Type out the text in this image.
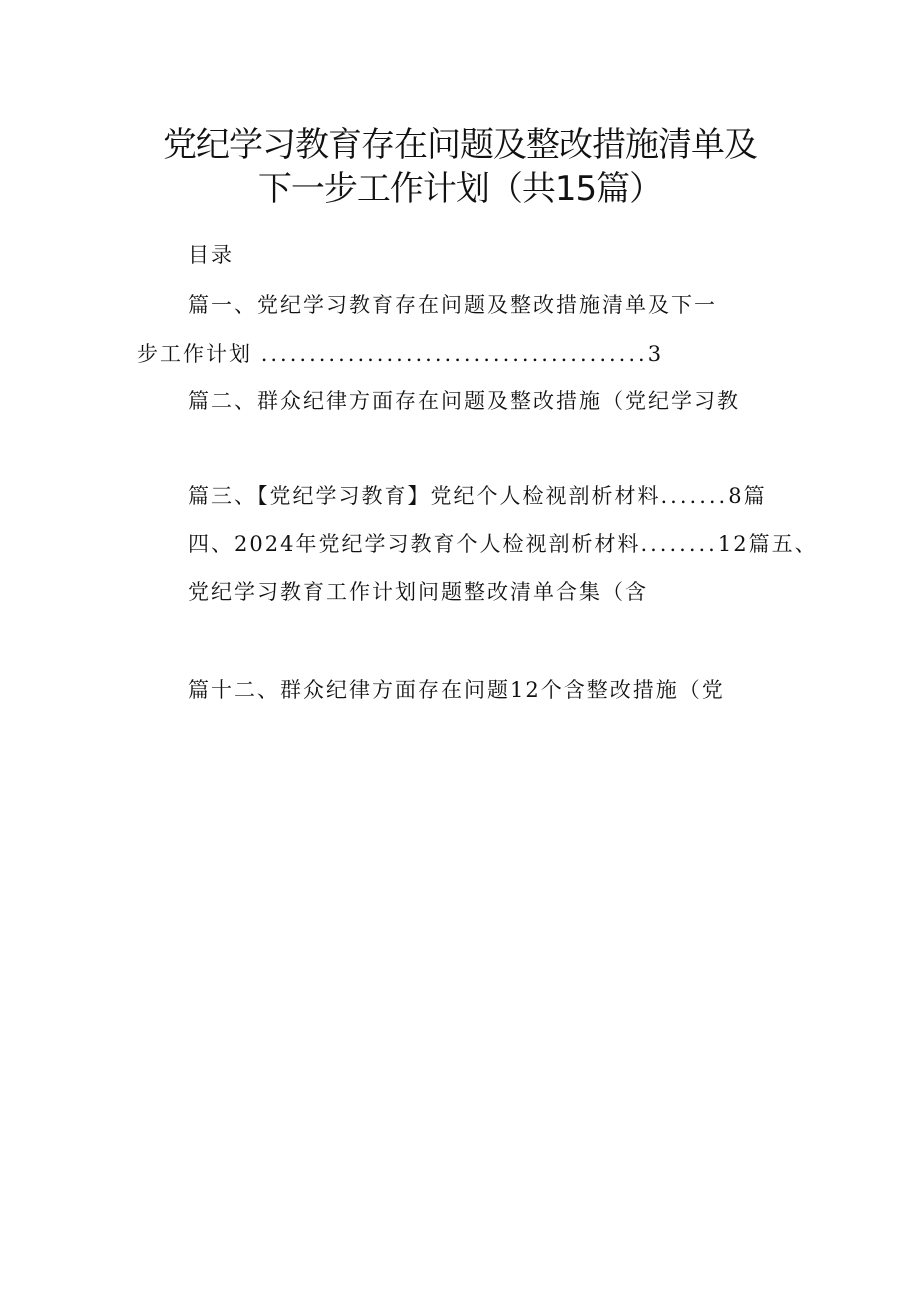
党纪学习教育存在问题及整改措施清单及
下一步工作计划（共15篇）
目录
篇一、党纪学习教育存在问题及整改措施清单及下一
步工作计划 ........................................3
篇二、群众纪律方面存在问题及整改措施（党纪学习教
篇三、【党纪学习教育】党纪个人检视剖析材料.......8篇
四、2024年党纪学习教育个人检视剖析材料........12篇五、
党纪学习教育工作计划问题整改清单合集（含
篇十二、群众纪律方面存在问题12个含整改措施（党
